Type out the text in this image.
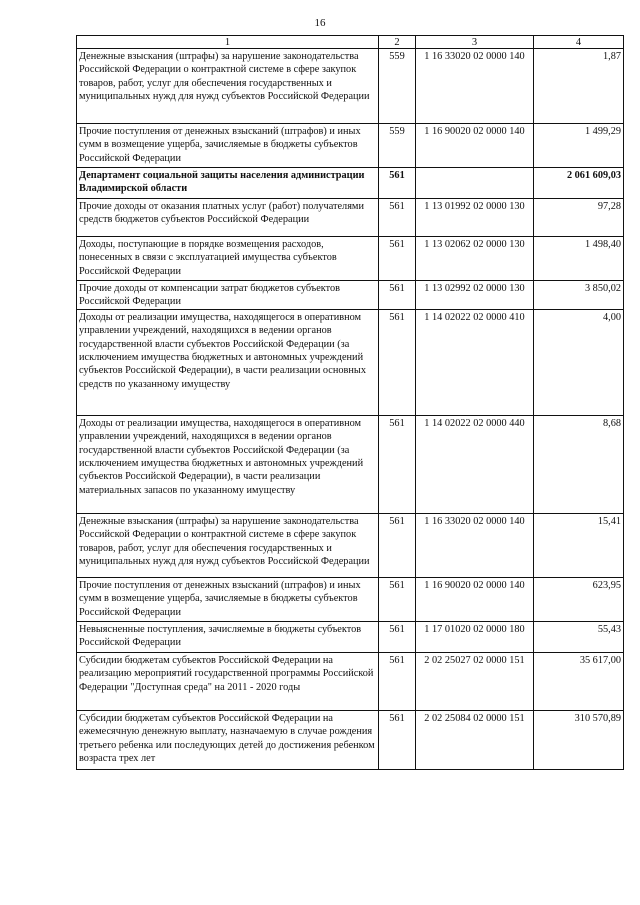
16
1	2	3	4
Денежные взыскания (штрафы) за нарушение законодательства Российской Федерации о контрактной системе в сфере закупок товаров, работ, услуг для обеспечения государственных и муниципальных нужд для нужд субъектов Российской Федерации	559	1 16 33020 02 0000 140	1,87
Прочие поступления от денежных взысканий (штрафов) и иных сумм в возмещение ущерба, зачисляемые в бюджеты субъектов Российской Федерации	559	1 16 90020 02 0000 140	1 499,29
Департамент социальной защиты населения администрации Владимирской области	561		2 061 609,03
Прочие доходы от оказания платных услуг (работ) получателями средств бюджетов субъектов Российской Федерации	561	1 13 01992 02 0000 130	97,28
Доходы, поступающие в порядке возмещения расходов, понесенных в связи с эксплуатацией имущества субъектов Российской Федерации	561	1 13 02062 02 0000 130	1 498,40
Прочие доходы от компенсации затрат бюджетов субъектов Российской Федерации	561	1 13 02992 02 0000 130	3 850,02
Доходы от реализации имущества, находящегося в оперативном управлении учреждений, находящихся в ведении органов государственной власти субъектов Российской Федерации (за исключением имущества бюджетных и автономных учреждений субъектов Российской Федерации), в части реализации основных средств по указанному имуществу	561	1 14 02022 02 0000 410	4,00
Доходы от реализации имущества, находящегося в оперативном управлении учреждений, находящихся в ведении органов государственной власти субъектов Российской Федерации (за исключением имущества бюджетных и автономных учреждений субъектов Российской Федерации), в части реализации материальных запасов по указанному имуществу	561	1 14 02022 02 0000 440	8,68
Денежные взыскания (штрафы) за нарушение законодательства Российской Федерации о контрактной системе в сфере закупок товаров, работ, услуг для обеспечения государственных и муниципальных нужд для нужд субъектов Российской Федерации	561	1 16 33020 02 0000 140	15,41
Прочие поступления от денежных взысканий (штрафов) и иных сумм в возмещение ущерба, зачисляемые в бюджеты субъектов Российской Федерации	561	1 16 90020 02 0000 140	623,95
Невыясненные поступления, зачисляемые в бюджеты субъектов Российской Федерации	561	1 17 01020 02 0000 180	55,43
Субсидии бюджетам субъектов Российской Федерации на реализацию мероприятий государственной программы Российской Федерации "Доступная среда" на 2011 - 2020 годы	561	2 02 25027 02 0000 151	35 617,00
Субсидии бюджетам субъектов Российской Федерации на ежемесячную денежную выплату, назначаемую в случае рождения третьего ребенка или последующих детей до достижения ребенком возраста трех лет	561	2 02 25084 02 0000 151	310 570,89
